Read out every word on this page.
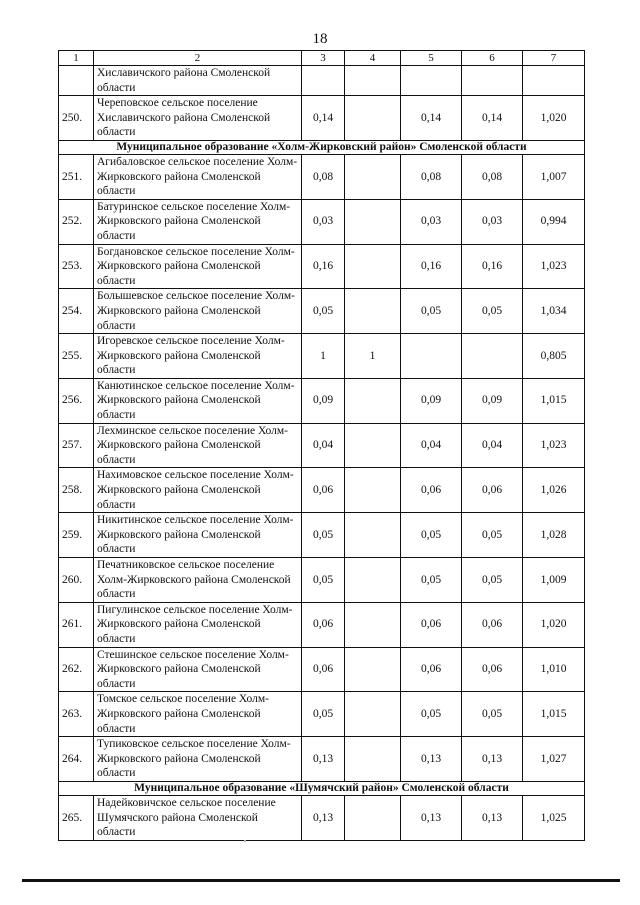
18
1	2	3	4	5	6	7
	Хиславичского района Смоленской области					
250.	Череповское сельское поселение Хиславичского района Смоленской области	0,14		0,14	0,14	1,020
Муниципальное образование «Холм-Жирковский район» Смоленской области						
251.	Агибаловское сельское поселение Холм-Жирковского района Смоленской области	0,08		0,08	0,08	1,007
252.	Батуринское сельское поселение Холм-Жирковского района Смоленской области	0,03		0,03	0,03	0,994
253.	Богдановское сельское поселение Холм-Жирковского района Смоленской области	0,16		0,16	0,16	1,023
254.	Болышевское сельское поселение Холм-Жирковского района Смоленской области	0,05		0,05	0,05	1,034
255.	Игоревское сельское поселение Холм-Жирковского района Смоленской области	1	1			0,805
256.	Канютинское сельское поселение Холм-Жирковского района Смоленской области	0,09		0,09	0,09	1,015
257.	Лехминское сельское поселение Холм-Жирковского района Смоленской области	0,04		0,04	0,04	1,023
258.	Нахимовское сельское поселение Холм-Жирковского района Смоленской области	0,06		0,06	0,06	1,026
259.	Никитинское сельское поселение Холм-Жирковского района Смоленской области	0,05		0,05	0,05	1,028
260.	Печатниковское сельское поселение Холм-Жирковского района Смоленской области	0,05		0,05	0,05	1,009
261.	Пигулинское сельское поселение Холм-Жирковского района Смоленской области	0,06		0,06	0,06	1,020
262.	Стешинское сельское поселение Холм-Жирковского района Смоленской области	0,06		0,06	0,06	1,010
263.	Томское сельское поселение Холм-Жирковского района Смоленской области	0,05		0,05	0,05	1,015
264.	Тупиковское сельское поселение Холм-Жирковского района Смоленской области	0,13		0,13	0,13	1,027
Муниципальное образование «Шумячский район» Смоленской области						
265.	Надейковичское сельское поселение Шумячского района Смоленской области	0,13		0,13	0,13	1,025
